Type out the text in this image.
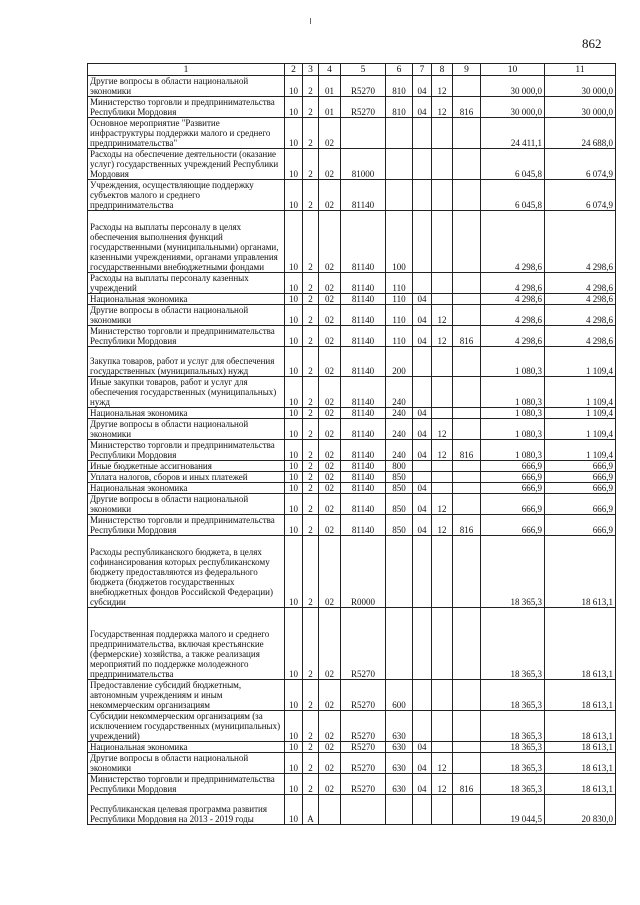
862
1	2	3	4	5	6	7	8	9	10	11
Другие вопросы в области национальной экономики	10	2	01	R5270	810	04	12		30 000,0	30 000,0
Министерство торговли и предпринимательства Республики Мордовия	10	2	01	R5270	810	04	12	816	30 000,0	30 000,0
Основное мероприятие "Развитие инфраструктуры поддержки малого и среднего предпринимательства"	10	2	02						24 411,1	24 688,0
Расходы на обеспечение деятельности (оказание услуг) государственных учреждений Республики Мордовия	10	2	02	81000					6 045,8	6 074,9
Учреждения, осуществляющие поддержку субъектов малого и среднего предпринимательства	10	2	02	81140					6 045,8	6 074,9
Расходы на выплаты персоналу в целях обеспечения выполнения функций государственными (муниципальными) органами, казенными учреждениями, органами управления государственными внебюджетными фондами	10	2	02	81140	100				4 298,6	4 298,6
Расходы на выплаты персоналу казенных учреждений	10	2	02	81140	110				4 298,6	4 298,6
Национальная экономика	10	2	02	81140	110	04			4 298,6	4 298,6
Другие вопросы в области национальной экономики	10	2	02	81140	110	04	12		4 298,6	4 298,6
Министерство торговли и предпринимательства Республики Мордовия	10	2	02	81140	110	04	12	816	4 298,6	4 298,6
Закупка товаров, работ и услуг для обеспечения государственных (муниципальных) нужд	10	2	02	81140	200				1 080,3	1 109,4
Иные закупки товаров, работ и услуг для обеспечения государственных (муниципальных) нужд	10	2	02	81140	240				1 080,3	1 109,4
Национальная экономика	10	2	02	81140	240	04			1 080,3	1 109,4
Другие вопросы в области национальной экономики	10	2	02	81140	240	04	12		1 080,3	1 109,4
Министерство торговли и предпринимательства Республики Мордовия	10	2	02	81140	240	04	12	816	1 080,3	1 109,4
Иные бюджетные ассигнования	10	2	02	81140	800				666,9	666,9
Уплата налогов, сборов и иных платежей	10	2	02	81140	850				666,9	666,9
Национальная экономика	10	2	02	81140	850	04			666,9	666,9
Другие вопросы в области национальной экономики	10	2	02	81140	850	04	12		666,9	666,9
Министерство торговли и предпринимательства Республики Мордовия	10	2	02	81140	850	04	12	816	666,9	666,9
Расходы республиканского бюджета, в целях софинансирования которых республиканскому бюджету предоставляются из федерального бюджета (бюджетов государственных внебюджетных фондов Российской Федерации) субсидии	10	2	02	R0000					18 365,3	18 613,1
Государственная поддержка малого и среднего предпринимательства, включая крестьянские (фермерские) хозяйства, а также реализация мероприятий по поддержке молодежного предпринимательства	10	2	02	R5270					18 365,3	18 613,1
Предоставление субсидий бюджетным, автономным учреждениям и иным некоммерческим организациям	10	2	02	R5270	600				18 365,3	18 613,1
Субсидии некоммерческим организациям (за исключением государственных (муниципальных) учреждений)	10	2	02	R5270	630				18 365,3	18 613,1
Национальная экономика	10	2	02	R5270	630	04			18 365,3	18 613,1
Другие вопросы в области национальной экономики	10	2	02	R5270	630	04	12		18 365,3	18 613,1
Министерство торговли и предпринимательства Республики Мордовия	10	2	02	R5270	630	04	12	816	18 365,3	18 613,1
Республиканская целевая программа развития Республики Мордовия на 2013 - 2019 годы	10	А							19 044,5	20 830,0
